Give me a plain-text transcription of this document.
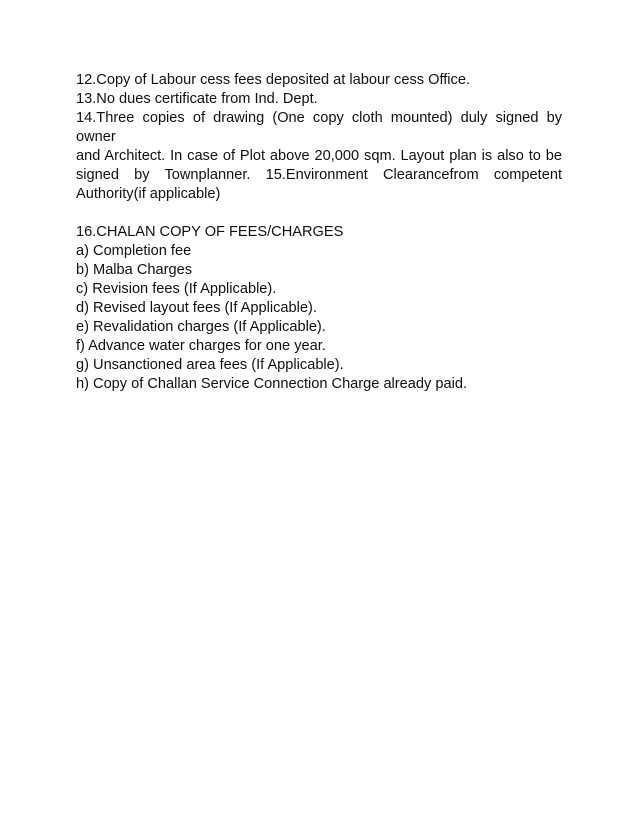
12.Copy of Labour cess fees deposited at labour cess Office.
13.No dues certificate from Ind. Dept.
14.Three copies of drawing (One copy cloth mounted) duly signed by owner
and Architect. In case of Plot above 20,000 sqm. Layout plan is also to be
signed by Townplanner. 15.Environment Clearancefrom competent
Authority(if applicable)
16.CHALAN COPY OF FEES/CHARGES
a) Completion fee
b) Malba Charges
c) Revision fees (If Applicable).
d) Revised layout fees (If Applicable).
e) Revalidation charges (If Applicable).
f) Advance water charges for one year.
g) Unsanctioned area fees (If Applicable).
h) Copy of Challan Service Connection Charge already paid.
